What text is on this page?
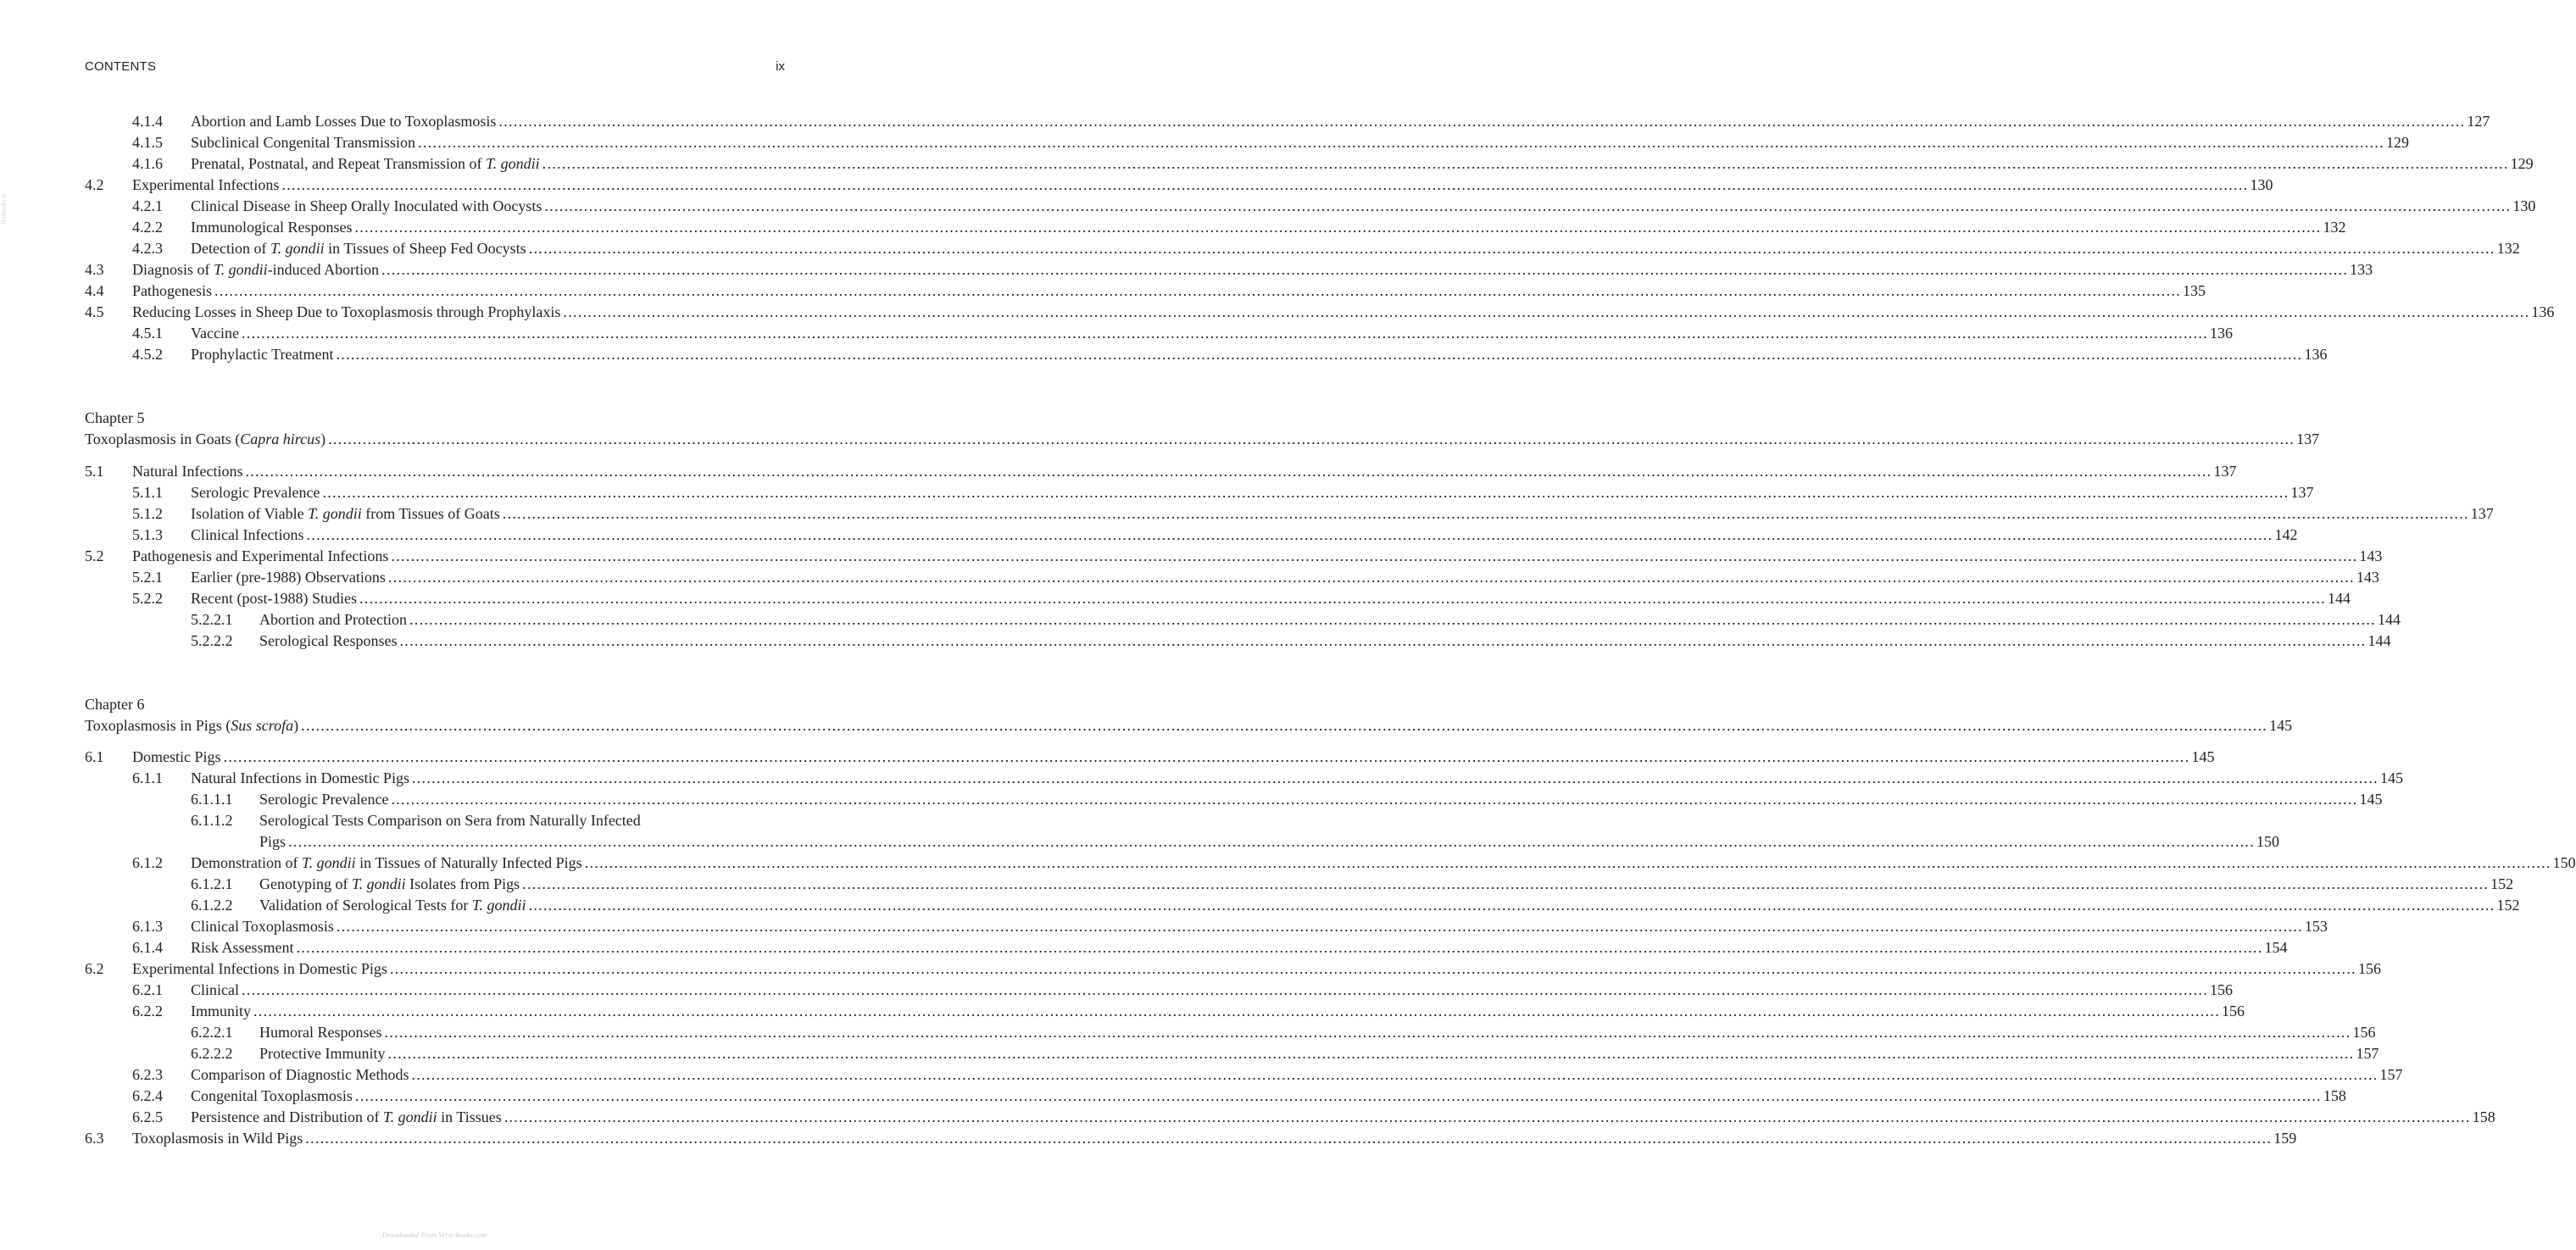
CONTENTS	ix
VetBooks.ir
4.1.4 Abortion and Lamb Losses Due to Toxoplasmosis ................................................................................................................................................................................................................................................................................................................................................................................................................ 127
4.1.5 Subclinical Congenital Transmission ................................................................................................................................................................................................................................................................................................................................................................................................................ 129
4.1.6 Prenatal, Postnatal, and Repeat Transmission of T. gondii ................................................................................................................................................................................................................................................................................................................................................................................................................ 129
4.2 Experimental Infections ................................................................................................................................................................................................................................................................................................................................................................................................................ 130
4.2.1 Clinical Disease in Sheep Orally Inoculated with Oocysts ................................................................................................................................................................................................................................................................................................................................................................................................................ 130
4.2.2 Immunological Responses ................................................................................................................................................................................................................................................................................................................................................................................................................ 132
4.2.3 Detection of T. gondii in Tissues of Sheep Fed Oocysts ................................................................................................................................................................................................................................................................................................................................................................................................................ 132
4.3 Diagnosis of T. gondii-induced Abortion ................................................................................................................................................................................................................................................................................................................................................................................................................ 133
4.4 Pathogenesis ................................................................................................................................................................................................................................................................................................................................................................................................................ 135
4.5 Reducing Losses in Sheep Due to Toxoplasmosis through Prophylaxis ................................................................................................................................................................................................................................................................................................................................................................................................................ 136
4.5.1 Vaccine ................................................................................................................................................................................................................................................................................................................................................................................................................ 136
4.5.2 Prophylactic Treatment ................................................................................................................................................................................................................................................................................................................................................................................................................ 136
Chapter 5
Toxoplasmosis in Goats (Capra hircus) ................................................................................................................................................................................................................................................................................................................................................................................................................ 137
5.1 Natural Infections ................................................................................................................................................................................................................................................................................................................................................................................................................ 137
5.1.1 Serologic Prevalence ................................................................................................................................................................................................................................................................................................................................................................................................................ 137
5.1.2 Isolation of Viable T. gondii from Tissues of Goats ................................................................................................................................................................................................................................................................................................................................................................................................................ 137
5.1.3 Clinical Infections ................................................................................................................................................................................................................................................................................................................................................................................................................ 142
5.2 Pathogenesis and Experimental Infections ................................................................................................................................................................................................................................................................................................................................................................................................................ 143
5.2.1 Earlier (pre-1988) Observations ................................................................................................................................................................................................................................................................................................................................................................................................................ 143
5.2.2 Recent (post-1988) Studies ................................................................................................................................................................................................................................................................................................................................................................................................................ 144
5.2.2.1 Abortion and Protection ................................................................................................................................................................................................................................................................................................................................................................................................................ 144
5.2.2.2 Serological Responses ................................................................................................................................................................................................................................................................................................................................................................................................................ 144
Chapter 6
Toxoplasmosis in Pigs (Sus scrofa) ................................................................................................................................................................................................................................................................................................................................................................................................................ 145
6.1 Domestic Pigs ................................................................................................................................................................................................................................................................................................................................................................................................................ 145
6.1.1 Natural Infections in Domestic Pigs ................................................................................................................................................................................................................................................................................................................................................................................................................ 145
6.1.1.1 Serologic Prevalence ................................................................................................................................................................................................................................................................................................................................................................................................................ 145
6.1.1.2 Serological Tests Comparison on Sera from Naturally Infected
Pigs ................................................................................................................................................................................................................................................................................................................................................................................................................ 150
6.1.2 Demonstration of T. gondii in Tissues of Naturally Infected Pigs ................................................................................................................................................................................................................................................................................................................................................................................................................ 150
6.1.2.1 Genotyping of T. gondii Isolates from Pigs ................................................................................................................................................................................................................................................................................................................................................................................................................ 152
6.1.2.2 Validation of Serological Tests for T. gondii ................................................................................................................................................................................................................................................................................................................................................................................................................ 152
6.1.3 Clinical Toxoplasmosis ................................................................................................................................................................................................................................................................................................................................................................................................................ 153
6.1.4 Risk Assessment ................................................................................................................................................................................................................................................................................................................................................................................................................ 154
6.2 Experimental Infections in Domestic Pigs ................................................................................................................................................................................................................................................................................................................................................................................................................ 156
6.2.1 Clinical ................................................................................................................................................................................................................................................................................................................................................................................................................ 156
6.2.2 Immunity ................................................................................................................................................................................................................................................................................................................................................................................................................ 156
6.2.2.1 Humoral Responses ................................................................................................................................................................................................................................................................................................................................................................................................................ 156
6.2.2.2 Protective Immunity ................................................................................................................................................................................................................................................................................................................................................................................................................ 157
6.2.3 Comparison of Diagnostic Methods ................................................................................................................................................................................................................................................................................................................................................................................................................ 157
6.2.4 Congenital Toxoplasmosis ................................................................................................................................................................................................................................................................................................................................................................................................................ 158
6.2.5 Persistence and Distribution of T. gondii in Tissues ................................................................................................................................................................................................................................................................................................................................................................................................................ 158
6.3 Toxoplasmosis in Wild Pigs ................................................................................................................................................................................................................................................................................................................................................................................................................ 159
Downloaded From Vet-e-Books.com
